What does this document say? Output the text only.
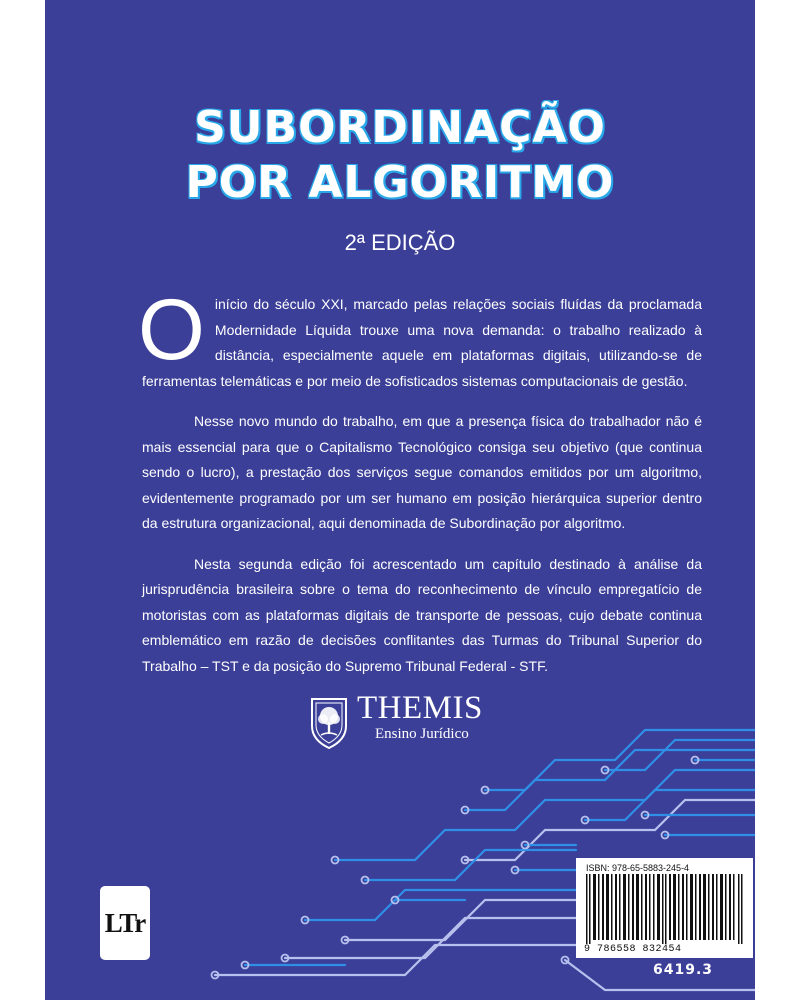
SUBORDINAÇÃO
POR ALGORITMO
2ª EDIÇÃO

Oinício do século XXI, marcado pelas relações sociais fluídas da proclamada Modernidade Líquida trouxe uma nova demanda: o trabalho realizado à distância, especialmente aquele em plataformas digitais, utilizando-se de ferramentas telemáticas e por meio de sofisticados sistemas computacionais de gestão.

Nesse novo mundo do trabalho, em que a presença física do trabalhador não é mais essencial para que o Capitalismo Tecnológico consiga seu objetivo (que continua sendo o lucro), a prestação dos serviços segue comandos emitidos por um algoritmo, evidentemente programado por um ser humano em posição hierárquica superior dentro da estrutura organizacional, aqui denominada de Subordinação por algoritmo.

Nesta segunda edição foi acrescentado um capítulo destinado à análise da jurisprudência brasileira sobre o tema do reconhecimento de vínculo empregatício de motoristas com as plataformas digitais de transporte de pessoas, cujo debate continua emblemático em razão de decisões conflitantes das Turmas do Tribunal Superior do Trabalho – TST e da posição do Supremo Tribunal Federal - STF.

THEMIS
Ensino Jurídico
LTr
ISBN: 978-65-5883-245-4
9 786558 832454
6419.3
